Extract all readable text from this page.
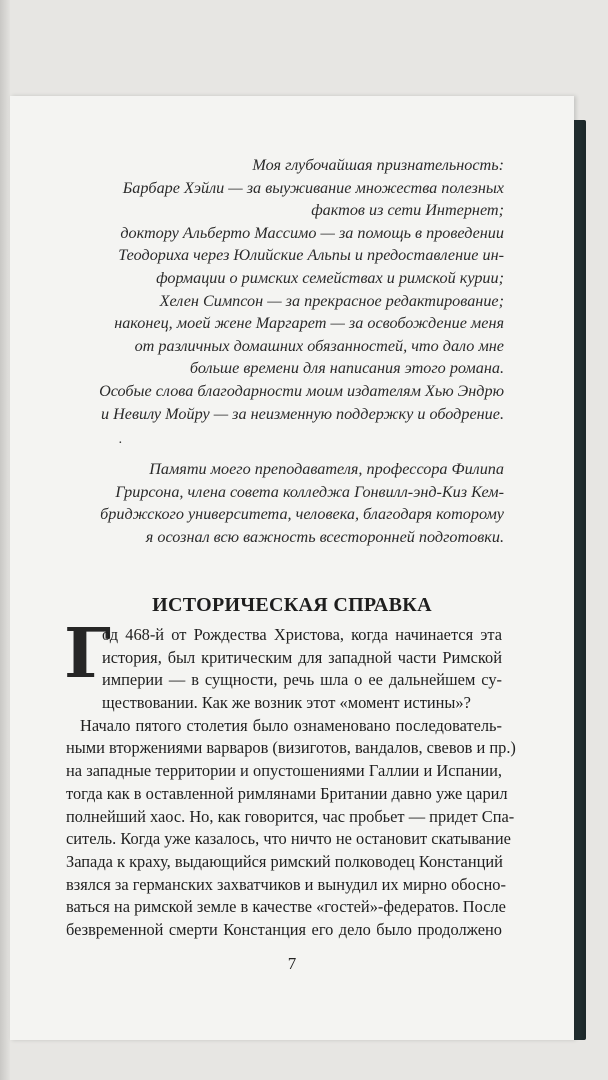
Моя глубочайшая признательность:
Барбаре Хэйли — за выуживание множества полезных
фактов из сети Интернет;
доктору Альберто Массимо — за помощь в проведении
Теодориха через Юлийские Альпы и предоставление ин-
формации о римских семействах и римской курии;
Хелен Симпсон — за прекрасное редактирование;
наконец, моей жене Маргарет — за освобождение меня
от различных домашних обязанностей, что дало мне
больше времени для написания этого романа.
Особые слова благодарности моим издателям Хью Эндрю
и Невилу Мойру — за неизменную поддержку и ободрение.
·
Памяти моего преподавателя, профессора Филипа
Грирсона, члена совета колледжа Гонвилл-энд-Киз Кем-
бриджского университета, человека, благодаря которому
я осознал всю важность всесторонней подготовки.
ИСТОРИЧЕСКАЯ СПРАВКА
Г
од 468-й от Рождества Христова, когда начинается эта
история, был критическим для западной части Римской
империи — в сущности, речь шла о ее дальнейшем су-
ществовании. Как же возник этот «момент истины»?
Начало пятого столетия было ознаменовано последователь-
ными вторжениями варваров (визиготов, вандалов, свевов и пр.)
на западные территории и опустошениями Галлии и Испании,
тогда как в оставленной римлянами Британии давно уже царил
полнейший хаос. Но, как говорится, час пробьет — придет Спа-
ситель. Когда уже казалось, что ничто не остановит скатывание
Запада к краху, выдающийся римский полководец Констанций
взялся за германских захватчиков и вынудил их мирно обосно-
ваться на римской земле в качестве «гостей»-федератов. После
безвременной смерти Констанция его дело было продолжено
7
